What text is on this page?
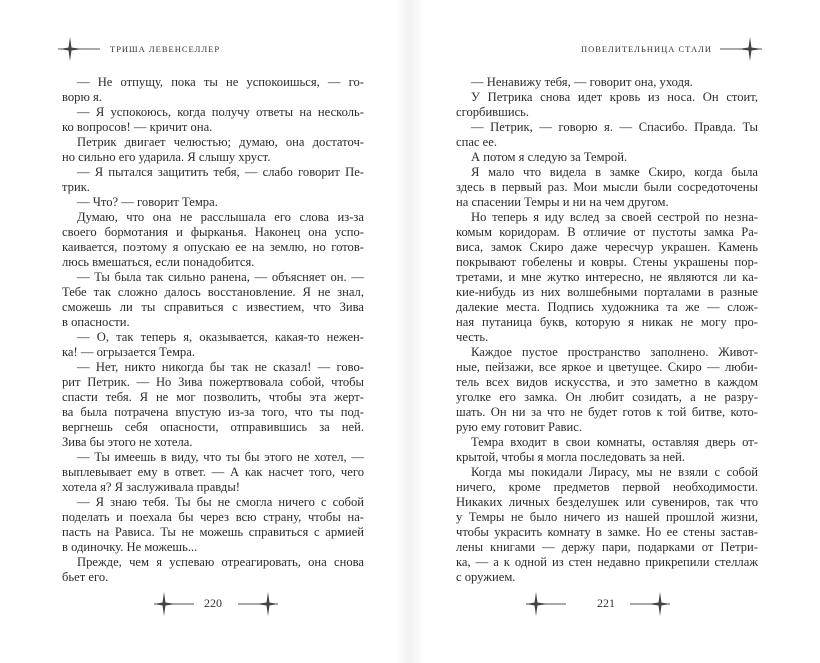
ТРИША ЛЕВЕНСЕЛЛЕР
— Не отпущу, пока ты не успокоишься, — го-
ворю я.
— Я успокоюсь, когда получу ответы на несколь-
ко вопросов! — кричит она.
Петрик двигает челюстью; думаю, она достаточ-
но сильно его ударила. Я слышу хруст.
— Я пытался защитить тебя, — слабо говорит Пе-
трик.
— Что? — говорит Темра.
Думаю, что она не расслышала его слова из-за
своего бормотания и фырканья. Наконец она успо-
каивается, поэтому я опускаю ее на землю, но готов-
люсь вмешаться, если понадобится.
— Ты была так сильно ранена, — объясняет он. —
Тебе так сложно далось восстановление. Я не знал,
сможешь ли ты справиться с известием, что Зива
в опасности.
— О, так теперь я, оказывается, какая-то нежен-
ка! — огрызается Темра.
— Нет, никто никогда бы так не сказал! — гово-
рит Петрик. — Но Зива пожертвовала собой, чтобы
спасти тебя. Я не мог позволить, чтобы эта жерт-
ва была потрачена впустую из-за того, что ты под-
вергнешь себя опасности, отправившись за ней.
Зива бы этого не хотела.
— Ты имеешь в виду, что ты бы этого не хотел, —
выплевывает ему в ответ. — А как насчет того, чего
хотела я? Я заслуживала правды!
— Я знаю тебя. Ты бы не смогла ничего с собой
поделать и поехала бы через всю страну, чтобы на-
пасть на Рависа. Ты не можешь справиться с армией
в одиночку. Не можешь...
Прежде, чем я успеваю отреагировать, она снова
бьет его.
220
ПОВЕЛИТЕЛЬНИЦА СТАЛИ
— Ненавижу тебя, — говорит она, уходя.
У Петрика снова идет кровь из носа. Он стоит,
сгорбившись.
— Петрик, — говорю я. — Спасибо. Правда. Ты
спас ее.
А потом я следую за Темрой.
Я мало что видела в замке Скиро, когда была
здесь в первый раз. Мои мысли были сосредоточены
на спасении Темры и ни на чем другом.
Но теперь я иду вслед за своей сестрой по незна-
комым коридорам. В отличие от пустоты замка Ра-
виса, замок Скиро даже чересчур украшен. Камень
покрывают гобелены и ковры. Стены украшены пор-
третами, и мне жутко интересно, не являются ли ка-
кие-нибудь из них волшебными порталами в разные
далекие места. Подпись художника та же — слож-
ная путаница букв, которую я никак не могу про-
честь.
Каждое пустое пространство заполнено. Живот-
ные, пейзажи, все яркое и цветущее. Скиро — люби-
тель всех видов искусства, и это заметно в каждом
уголке его замка. Он любит созидать, а не разру-
шать. Он ни за что не будет готов к той битве, кото-
рую ему готовит Равис.
Темра входит в свои комнаты, оставляя дверь от-
крытой, чтобы я могла последовать за ней.
Когда мы покидали Лирасу, мы не взяли с собой
ничего, кроме предметов первой необходимости.
Никаких личных безделушек или сувениров, так что
у Темры не было ничего из нашей прошлой жизни,
чтобы украсить комнату в замке. Но ее стены застав-
лены книгами — держу пари, подарками от Петри-
ка, — а к одной из стен недавно прикрепили стеллаж
с оружием.
221
